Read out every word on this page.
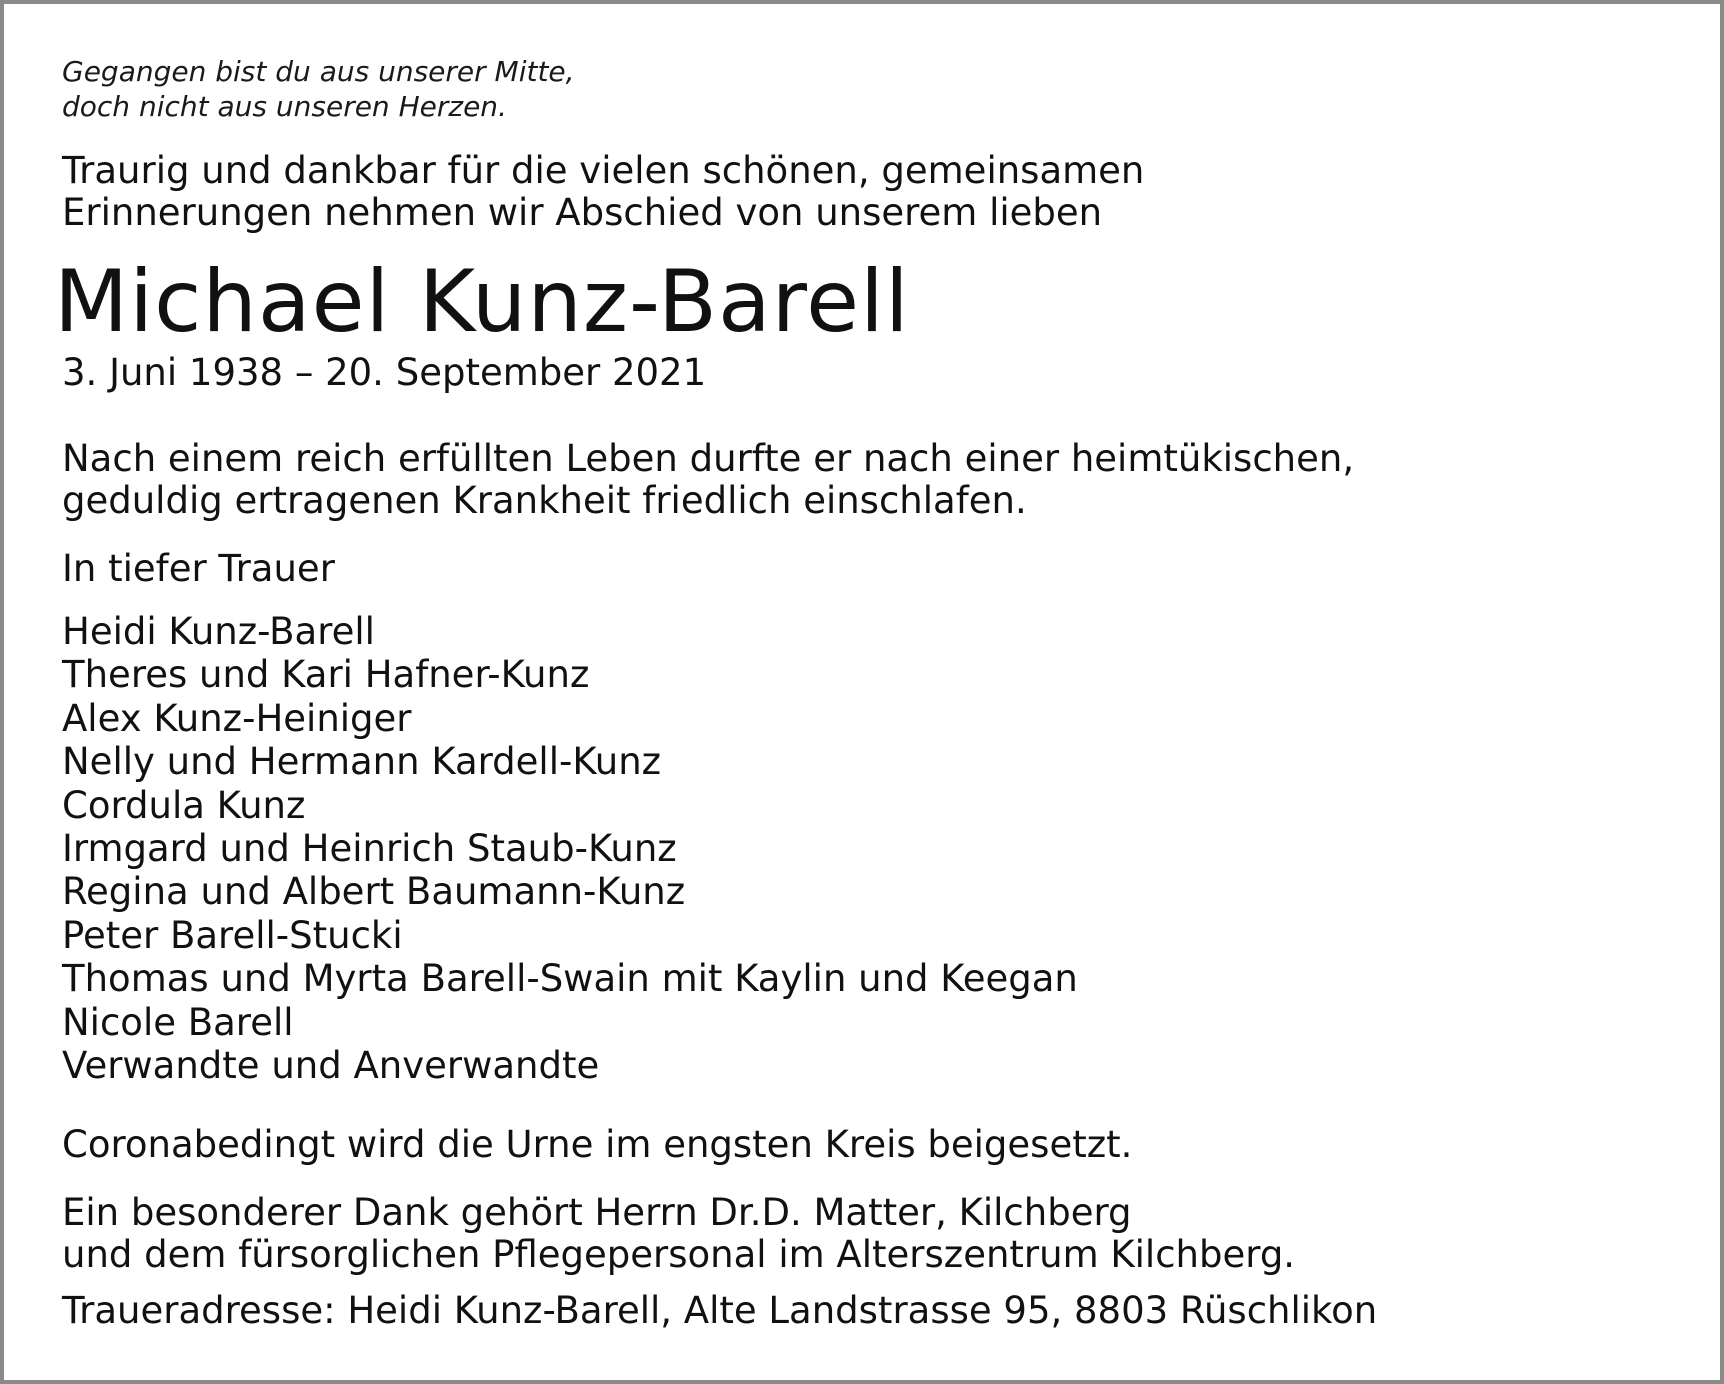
Gegangen bist du aus unserer Mitte,
doch nicht aus unseren Herzen.
Traurig und dankbar für die vielen schönen, gemeinsamen
Erinnerungen nehmen wir Abschied von unserem lieben
Michael Kunz-Barell
3. Juni 1938 – 20. September 2021
Nach einem reich erfüllten Leben durfte er nach einer heimtükischen,
geduldig ertragenen Krankheit friedlich einschlafen.
In tiefer Trauer
Heidi Kunz-Barell
Theres und Kari Hafner-Kunz
Alex Kunz-Heiniger
Nelly und Hermann Kardell-Kunz
Cordula Kunz
Irmgard und Heinrich Staub-Kunz
Regina und Albert Baumann-Kunz
Peter Barell-Stucki
Thomas und Myrta Barell-Swain mit Kaylin und Keegan
Nicole Barell
Verwandte und Anverwandte
Coronabedingt wird die Urne im engsten Kreis beigesetzt.
Ein besonderer Dank gehört Herrn Dr.D. Matter, Kilchberg
und dem fürsorglichen Pflegepersonal im Alterszentrum Kilchberg.
Traueradresse: Heidi Kunz-Barell, Alte Landstrasse 95, 8803 Rüschlikon
